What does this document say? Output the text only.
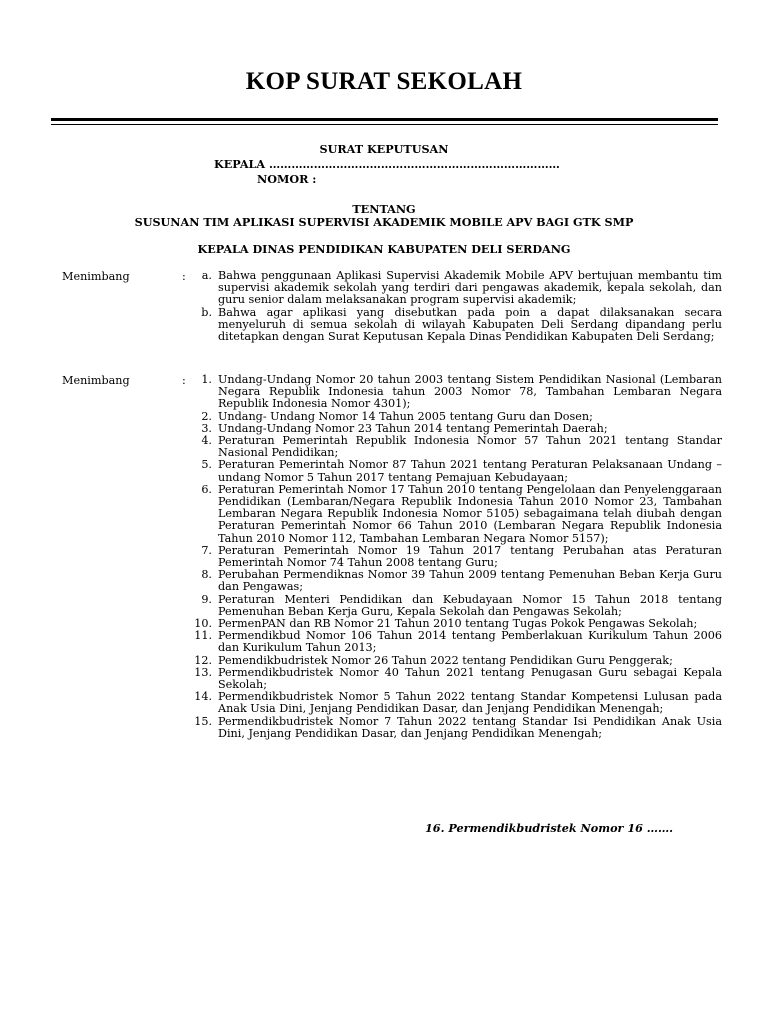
KOP SURAT SEKOLAH
SURAT KEPUTUSAN
KEPALA ……………………………………………………………………
NOMOR :
TENTANG
SUSUNAN TIM APLIKASI SUPERVISI AKADEMIK MOBILE APV BAGI GTK SMP
KEPALA DINAS PENDIDIKAN KABUPATEN DELI SERDANG
Menimbang	:	a. Bahwa penggunaan Aplikasi Supervisi Akademik Mobile APV bertujuan membantu tim supervisi akademik sekolah yang terdiri dari pengawas akademik, kepala sekolah, dan guru senior dalam melaksanakan program supervisi akademik;
b. Bahwa agar aplikasi yang disebutkan pada poin a dapat dilaksanakan secara menyeluruh di semua sekolah di wilayah Kabupaten Deli Serdang dipandang perlu ditetapkan dengan Surat Keputusan Kepala Dinas Pendidikan Kabupaten Deli Serdang;
Menimbang	:	1. Undang-Undang Nomor 20 tahun 2003 tentang Sistem Pendidikan Nasional (Lembaran Negara Republik Indonesia tahun 2003 Nomor 78, Tambahan Lembaran Negara Republik Indonesia Nomor 4301);
2. Undang- Undang Nomor 14 Tahun 2005 tentang Guru dan Dosen;
3. Undang-Undang Nomor 23 Tahun 2014 tentang Pemerintah Daerah;
4. Peraturan Pemerintah Republik Indonesia Nomor 57 Tahun 2021 tentang Standar Nasional Pendidikan;
5. Peraturan Pemerintah Nomor 87 Tahun 2021 tentang Peraturan Pelaksanaan Undang – undang Nomor 5 Tahun 2017 tentang Pemajuan Kebudayaan;
6. Peraturan Pemerintah Nomor 17 Tahun 2010 tentang Pengelolaan dan Penyelenggaraan Pendidikan (Lembaran/Negara Republik Indonesia Tahun 2010 Nomor 23, Tambahan Lembaran Negara Republik Indonesia Nomor 5105) sebagaimana telah diubah dengan Peraturan Pemerintah Nomor 66 Tahun 2010 (Lembaran Negara Republik Indonesia Tahun 2010 Nomor 112, Tambahan Lembaran Negara Nomor 5157);
7. Peraturan Pemerintah Nomor 19 Tahun 2017 tentang Perubahan atas Peraturan Pemerintah Nomor 74 Tahun 2008 tentang Guru;
8. Perubahan Permendiknas Nomor 39 Tahun 2009 tentang Pemenuhan Beban Kerja Guru dan Pengawas;
9. Peraturan Menteri Pendidikan dan Kebudayaan Nomor 15 Tahun 2018 tentang Pemenuhan Beban Kerja Guru, Kepala Sekolah dan Pengawas Sekolah;
10. PermenPAN dan RB Nomor 21 Tahun 2010 tentang Tugas Pokok Pengawas Sekolah;
11. Permendikbud Nomor 106 Tahun 2014 tentang Pemberlakuan Kurikulum Tahun 2006 dan Kurikulum Tahun 2013;
12. Pemendikbudristek Nomor 26 Tahun 2022 tentang Pendidikan Guru Penggerak;
13. Permendikbudristek Nomor 40 Tahun 2021 tentang Penugasan Guru sebagai Kepala Sekolah;
14. Permendikbudristek Nomor 5 Tahun 2022 tentang Standar Kompetensi Lulusan pada Anak Usia Dini, Jenjang Pendidikan Dasar, dan Jenjang Pendidikan Menengah;
15. Permendikbudristek Nomor 7 Tahun 2022 tentang Standar Isi Pendidikan Anak Usia Dini, Jenjang Pendidikan Dasar, dan Jenjang Pendidikan Menengah;
16. Permendikbudristek Nomor 16 …….
